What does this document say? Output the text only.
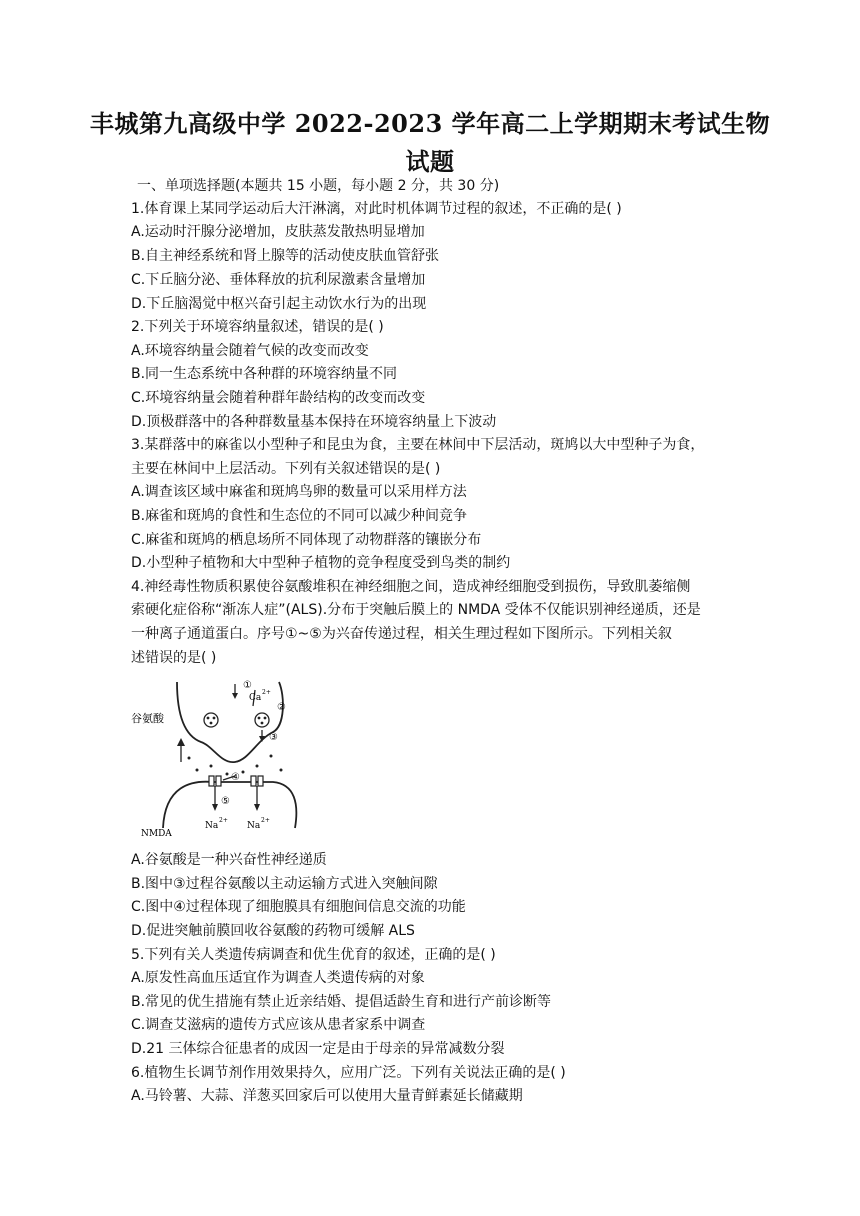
丰城第九高级中学 2022-2023 学年高二上学期期末考试生物
试题
一、单项选择题(本题共 15 小题，每小题 2 分，共 30 分)
1.体育课上某同学运动后大汗淋漓，对此时机体调节过程的叙述，不正确的是( )
A.运动时汗腺分泌增加，皮肤蒸发散热明显增加
B.自主神经系统和肾上腺等的活动使皮肤血管舒张
C.下丘脑分泌、垂体释放的抗利尿激素含量增加
D.下丘脑渴觉中枢兴奋引起主动饮水行为的出现
2.下列关于环境容纳量叙述，错误的是( )
A.环境容纳量会随着气候的改变而改变
B.同一生态系统中各种群的环境容纳量不同
C.环境容纳量会随着种群年龄结构的改变而改变
D.顶极群落中的各种群数量基本保持在环境容纳量上下波动
3.某群落中的麻雀以小型种子和昆虫为食，主要在林间中下层活动，斑鸠以大中型种子为食，
主要在林间中上层活动。下列有关叙述错误的是( )
A.调查该区域中麻雀和斑鸠鸟卵的数量可以采用样方法
B.麻雀和斑鸠的食性和生态位的不同可以减少种间竞争
C.麻雀和斑鸠的栖息场所不同体现了动物群落的镶嵌分布
D.小型种子植物和大中型种子植物的竞争程度受到鸟类的制约
4.神经毒性物质积累使谷氨酸堆积在神经细胞之间，造成神经细胞受到损伤，导致肌萎缩侧
索硬化症俗称“渐冻人症”(ALS).分布于突触后膜上的 NMDA 受体不仅能识别神经递质，还是
一种离子通道蛋白。序号①~⑤为兴奋传递过程，相关生理过程如下图所示。下列相关叙
述错误的是( )
谷氨酸
NMDA
①
Ca
2+
②
③
④
⑤
Na
2+
Na
2+
A.谷氨酸是一种兴奋性神经递质
B.图中③过程谷氨酸以主动运输方式进入突触间隙
C.图中④过程体现了细胞膜具有细胞间信息交流的功能
D.促进突触前膜回收谷氨酸的药物可缓解 ALS
5.下列有关人类遗传病调查和优生优育的叙述，正确的是( )
A.原发性高血压适宜作为调查人类遗传病的对象
B.常见的优生措施有禁止近亲结婚、提倡适龄生育和进行产前诊断等
C.调查艾滋病的遗传方式应该从患者家系中调查
D.21 三体综合征患者的成因一定是由于母亲的异常减数分裂
6.植物生长调节剂作用效果持久，应用广泛。下列有关说法正确的是( )
A.马铃薯、大蒜、洋葱买回家后可以使用大量青鲜素延长储藏期
